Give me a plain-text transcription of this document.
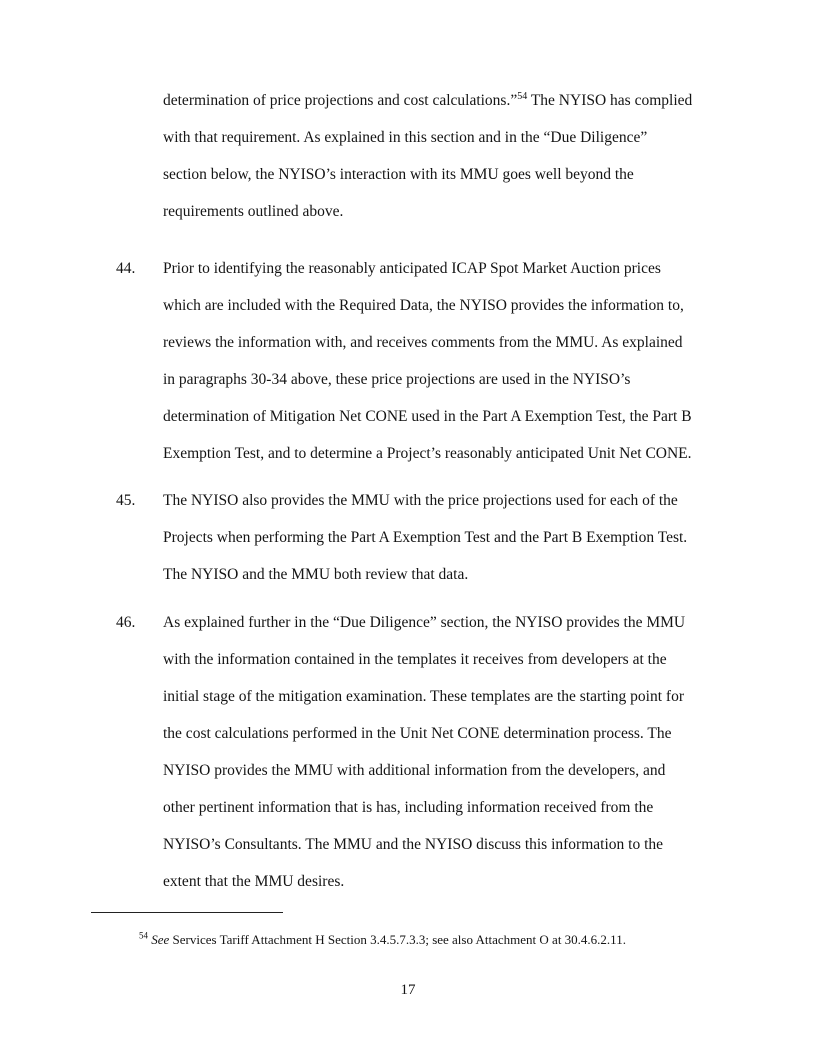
determination of price projections and cost calculations.”$^{54}$ The NYISO has complied
with that requirement. As explained in this section and in the “Due Diligence”
section below, the NYISO’s interaction with its MMU goes well beyond the
requirements outlined above.
44. Prior to identifying the reasonably anticipated ICAP Spot Market Auction prices
which are included with the Required Data, the NYISO provides the information to,
reviews the information with, and receives comments from the MMU. As explained
in paragraphs 30-34 above, these price projections are used in the NYISO’s
determination of Mitigation Net CONE used in the Part A Exemption Test, the Part B
Exemption Test, and to determine a Project’s reasonably anticipated Unit Net CONE.
45. The NYISO also provides the MMU with the price projections used for each of the
Projects when performing the Part A Exemption Test and the Part B Exemption Test.
The NYISO and the MMU both review that data.
46. As explained further in the “Due Diligence” section, the NYISO provides the MMU
with the information contained in the templates it receives from developers at the
initial stage of the mitigation examination. These templates are the starting point for
the cost calculations performed in the Unit Net CONE determination process. The
NYISO provides the MMU with additional information from the developers, and
other pertinent information that is has, including information received from the
NYISO’s Consultants. The MMU and the NYISO discuss this information to the
extent that the MMU desires.
$^{54}$ See Services Tariff Attachment H Section 3.4.5.7.3.3; see also Attachment O at 30.4.6.2.11.
17
